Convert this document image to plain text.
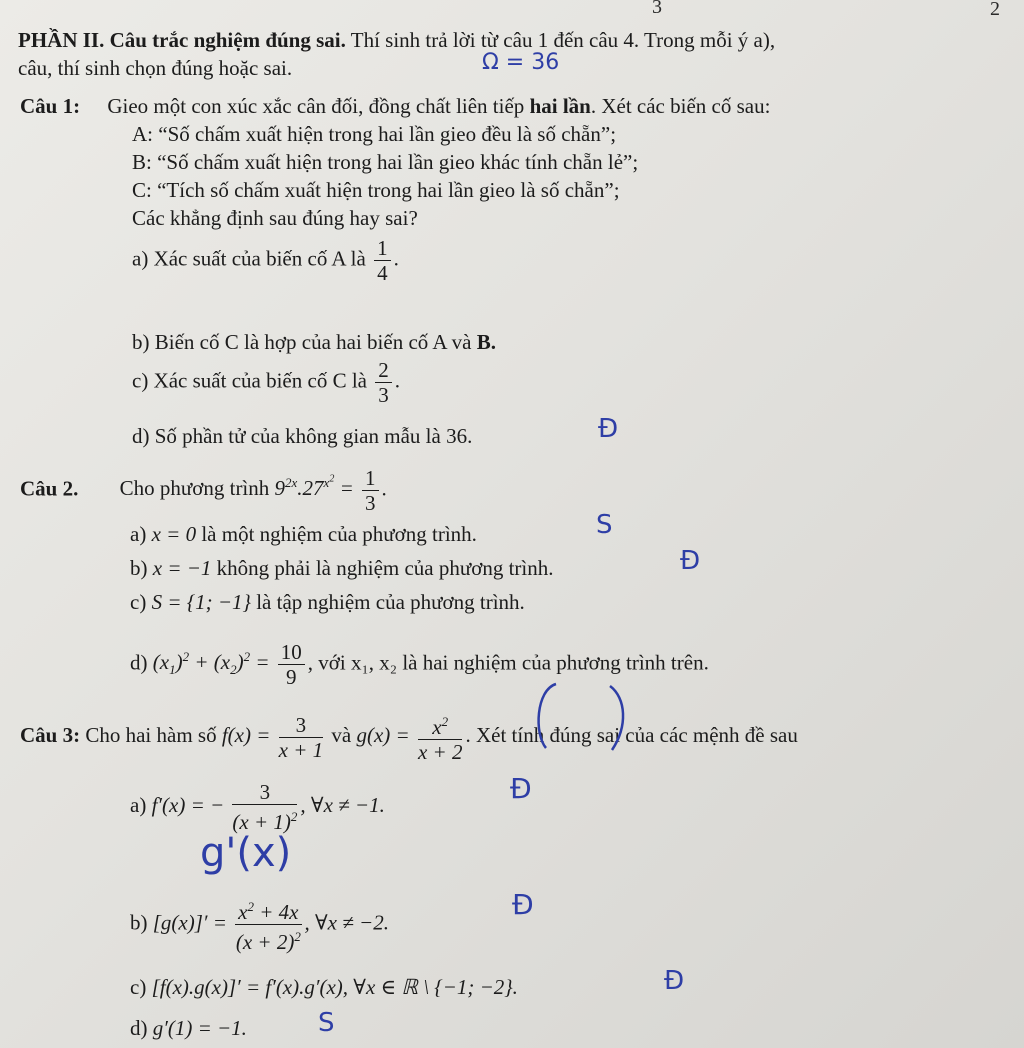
3	2
PHẦN II. Câu trắc nghiệm đúng sai. Thí sinh trả lời từ câu 1 đến câu 4. Trong mỗi ý a),
câu, thí sinh chọn đúng hoặc sai.	Ω = 36
Câu 1: Gieo một con xúc xắc cân đối, đồng chất liên tiếp hai lần. Xét các biến cố sau:
A: “Số chấm xuất hiện trong hai lần gieo đều là số chẵn”;
B: “Số chấm xuất hiện trong hai lần gieo khác tính chẵn lẻ”;
C: “Tích số chấm xuất hiện trong hai lần gieo là số chẵn”;
Các khẳng định sau đúng hay sai?
a) Xác suất của biến cố A là $\frac{1}{4}$ .
b) Biến cố C là hợp của hai biến cố A và B.
c) Xác suất của biến cố C là $\frac{2}{3}$ .
d) Số phần tử của không gian mẫu là 36.	Đ
Câu 2. Cho phương trình $9^{2x}.27^{x^2} = \frac{1}{3}$ .
a) x = 0 là một nghiệm của phương trình.	S
b) x = −1 không phải là nghiệm của phương trình.	Đ
c) S = {1; −1} là tập nghiệm của phương trình.
d) $(x_1)^2 + (x_2)^2 = \frac{10}{9}$ , với x₁, x₂ là hai nghiệm của phương trình trên.
Câu 3: Cho hai hàm số $f(x) = \frac{3}{x + 1}$ và $g(x) = \frac{x^2}{x + 2}$ . Xét tính đúng sai của các mệnh đề sau
a) f′(x) = − $\frac{3}{(x + 1)^2}$ , ∀x ≠ −1.	Đ
g'(x)
b) $[g(x)]' = \frac{x^2 + 4x}{(x + 2)^2}$ , ∀x ≠ −2.
Đ
c) [f(x).g(x)]′ = f′(x).g′(x), ∀x ∈ ℝ \ {−1; −2}.	Đ
d) g′(1) = −1.	S
